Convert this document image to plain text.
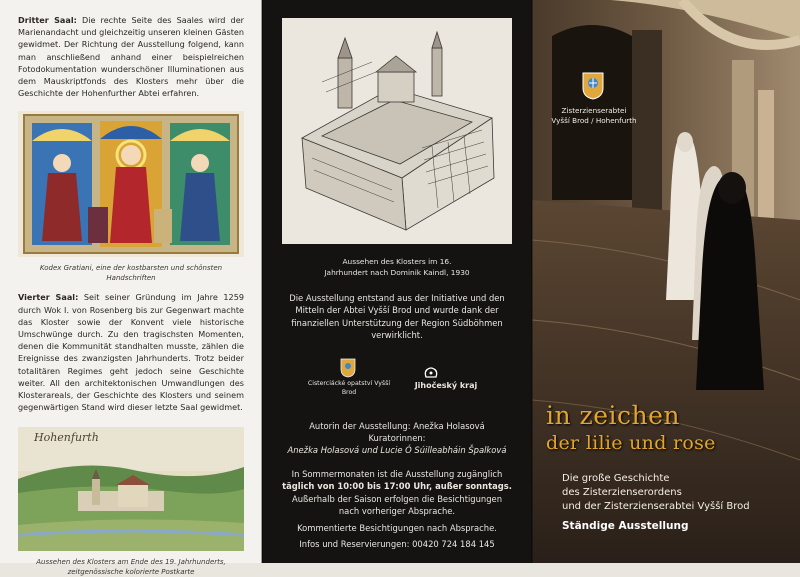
Dritter Saal: Die rechte Seite des Saales wird der Marienandacht und gleichzeitig unseren kleinen Gästen gewidmet. Der Richtung der Ausstellung folgend, kann man anschließend anhand einer beispielreichen Fotodokumentation wunderschöner Illuminationen aus dem Mauskriptfonds des Klosters mehr über die Geschichte der Hohenfurther Abtei erfahren.

Kodex Gratiani, eine der kostbarsten und schönsten Handschriften

Vierter Saal: Seit seiner Gründung im Jahre 1259 durch Wok I. von Rosenberg bis zur Gegenwart machte das Kloster sowie der Konvent viele historische Umschwünge durch. Zu den tragischsten Momenten, denen die Kommunität standhalten musste, zählen die Ereignisse des zwanzigsten Jahrhunderts. Trotz beider totalitären Regimes geht jedoch seine Geschichte weiter. All den architektonischen Umwandlungen des Klosterareals, der Geschichte des Klosters und seinem gegenwärtigen Stand wird dieser letzte Saal gewidmet.

Hohenfurth

Aussehen des Klosters am Ende des 19. Jahrhunderts, zeitgenössische kolorierte Postkarte

Aussehen des Klosters im 16. Jahrhundert nach Dominik Kaindl, 1930
Die Ausstellung entstand aus der Initiative und den Mitteln der Abtei Vyšší Brod und wurde dank der finanziellen Unterstützung der Region Südböhmen verwirklicht.
Cisterciácké opatství Vyšší Brod
Jihočeský kraj
Autorin der Ausstellung: Anežka Holasová
Kuratorinnen:
Anežka Holasová und Lucie Ó Súilleabháin Špalková
In Sommermonaten ist die Ausstellung zugänglich
täglich von 10:00 bis 17:00 Uhr, außer sonntags.
Außerhalb der Saison erfolgen die Besichtigungen
nach vorheriger Absprache.
Kommentierte Besichtigungen nach Absprache.
Infos und Reservierungen: 00420 724 184 145
Zisterzienserabtei
Vyšší Brod / Hohenfurth
in zeichen
der lilie und rose
Die große Geschichte
des Zisterzienserordens
und der Zisterzienserabtei Vyšší Brod
Ständige Ausstellung
